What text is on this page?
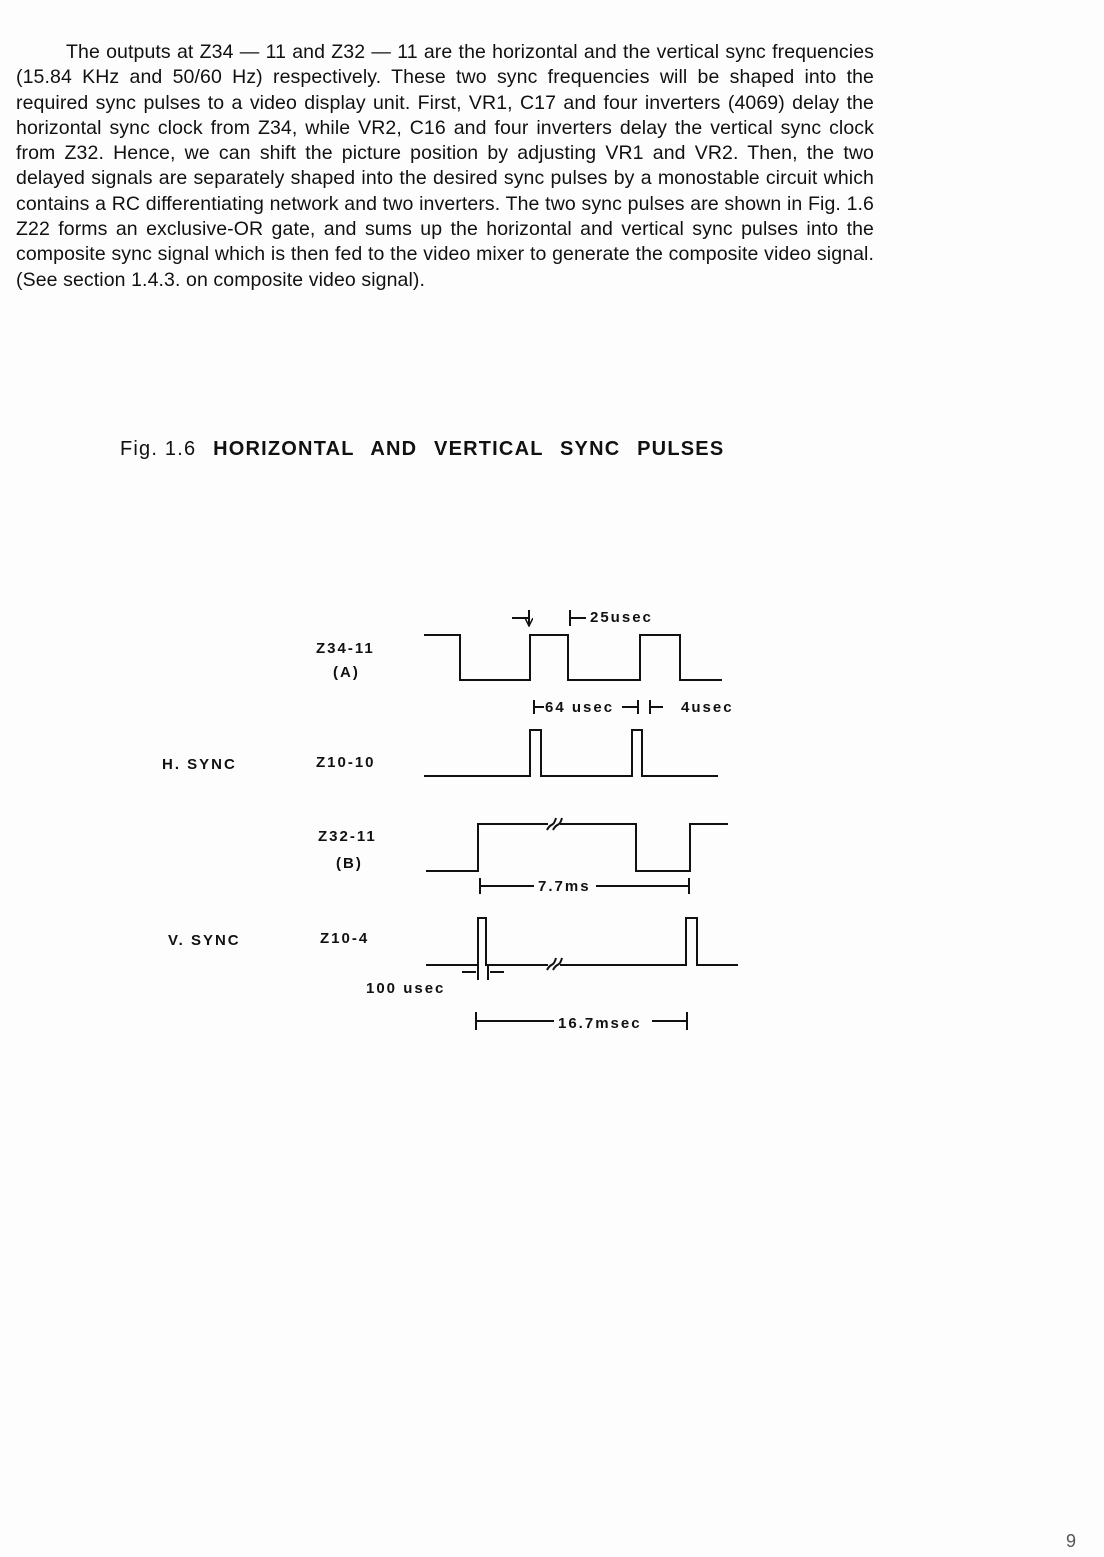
The outputs at Z34 — 11 and Z32 — 11 are the horizontal and the vertical sync frequencies (15.84 KHz and 50/60 Hz) respectively. These two sync frequencies will be shaped into the required sync pulses to a video display unit. First, VR1, C17 and four inverters (4069) delay the horizontal sync clock from Z34, while VR2, C16 and four inverters delay the vertical sync clock from Z32. Hence, we can shift the picture position by adjusting VR1 and VR2. Then, the two delayed signals are separately shaped into the desired sync pulses by a monostable circuit which contains a RC differentiating network and two inverters. The two sync pulses are shown in Fig. 1.6 Z22 forms an exclusive-OR gate, and sums up the horizontal and vertical sync pulses into the composite sync signal which is then fed to the video mixer to generate the composite video signal. (See section 1.4.3. on composite video signal).

Fig. 1.6 HORIZONTAL AND VERTICAL SYNC PULSES
Z34-11
(A)
H. SYNC	Z10-10
Z32-11
(B)
V. SYNC	Z10-4
25usec
64 usec	4usec
7.7ms
100 usec
16.7msec
9
